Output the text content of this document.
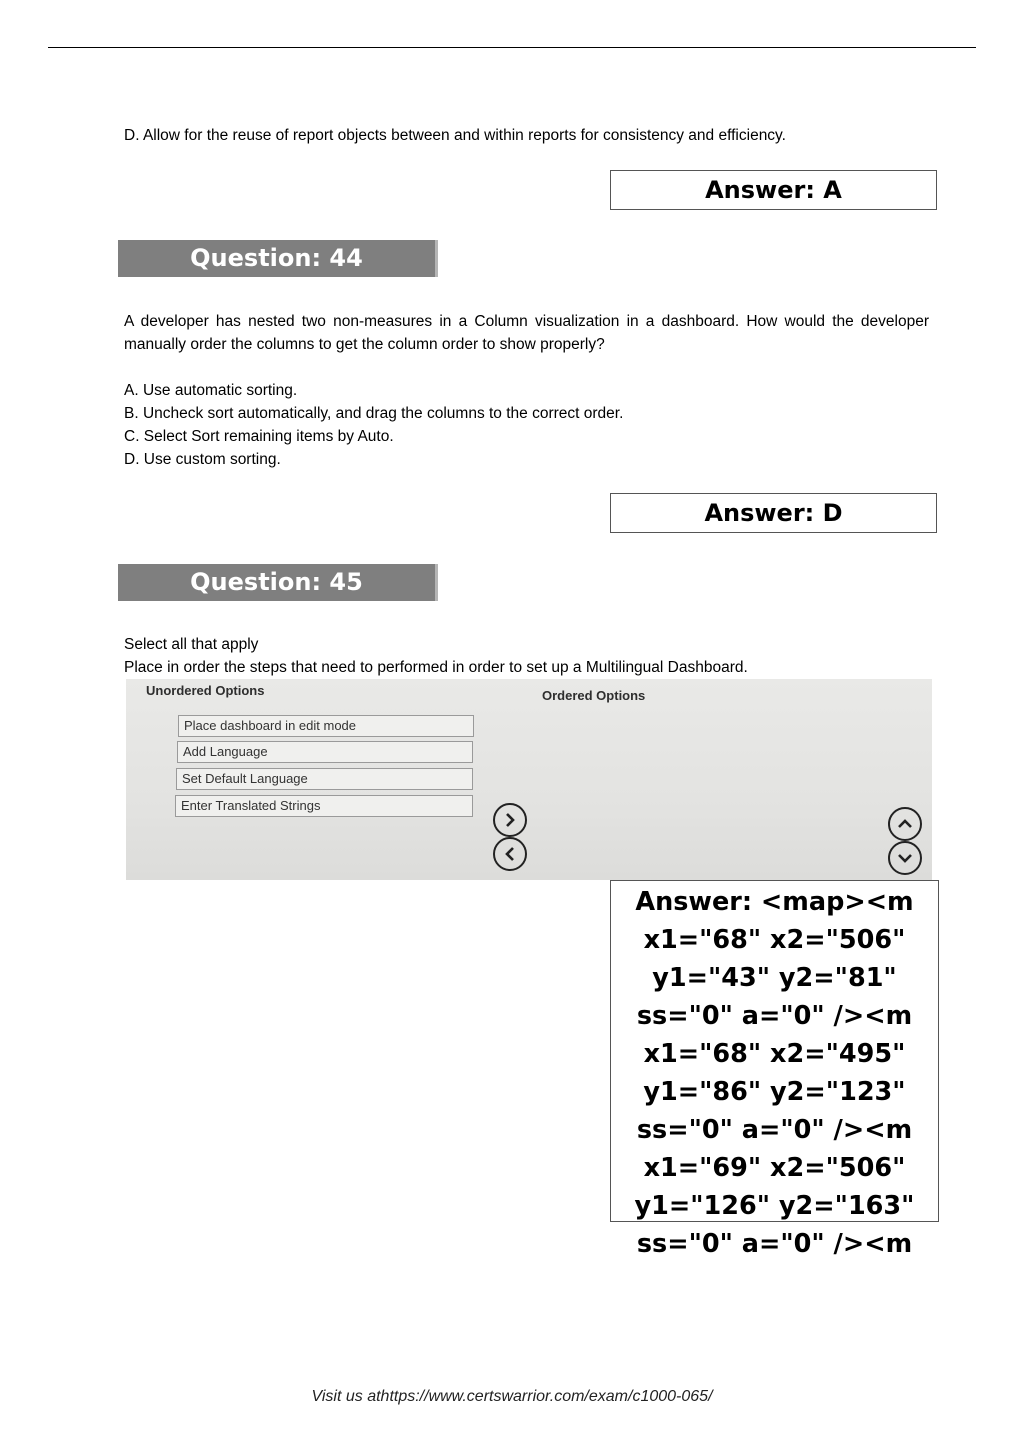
D. Allow for the reuse of report objects between and within reports for consistency and efficiency.
Answer: A
Question: 44
A developer has nested two non-measures in a Column visualization in a dashboard. How would the developer manually order the columns to get the column order to show properly?
A. Use automatic sorting.
B. Uncheck sort automatically, and drag the columns to the correct order.
C. Select Sort remaining items by Auto.
D. Use custom sorting.
Answer: D
Question: 45
Select all that apply
Place in order the steps that need to performed in order to set up a Multilingual Dashboard.
Unordered Options	Ordered Options
Place dashboard in edit mode
Add Language
Set Default Language
Enter Translated Strings
Answer: <map><m x1="68" x2="506" y1="43" y2="81" ss="0" a="0" /><m x1="68" x2="495" y1="86" y2="123" ss="0" a="0" /><m x1="69" x2="506" y1="126" y2="163" ss="0" a="0" /><m
Visit us athttps://www.certswarrior.com/exam/c1000-065/
